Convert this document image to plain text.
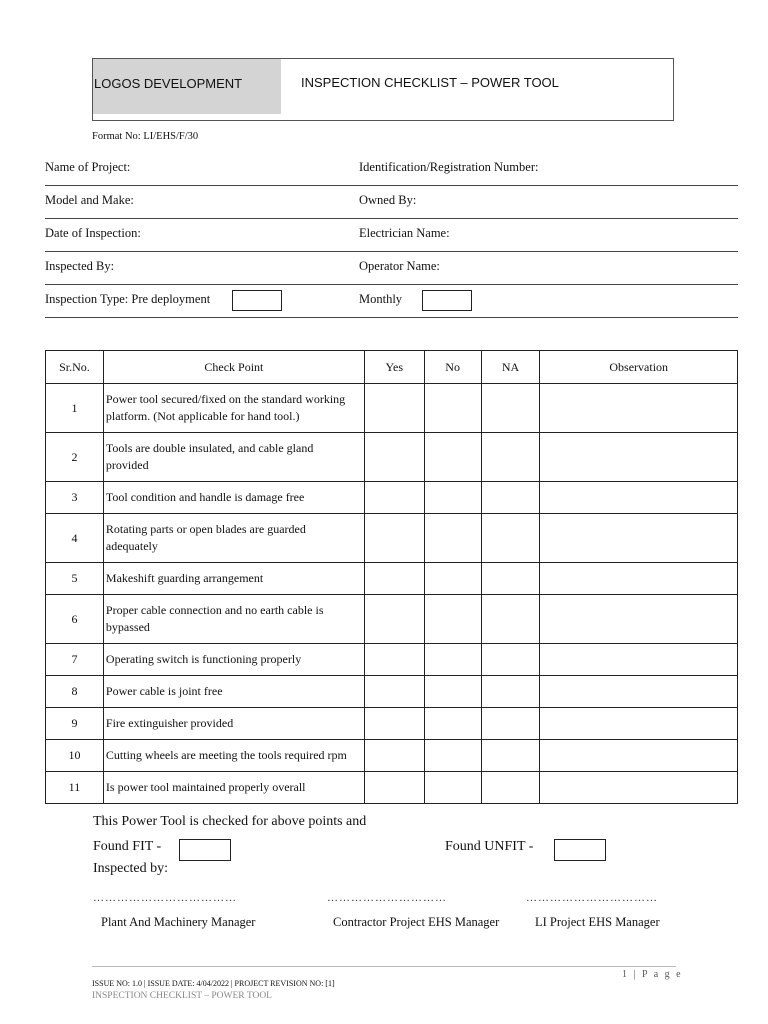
LOGOS DEVELOPMENT	INSPECTION CHECKLIST – POWER TOOL
Format No: LI/EHS/F/30
Name of Project:	Identification/Registration Number:
Model and Make:	Owned By:
Date of Inspection:	Electrician Name:
Inspected By:	Operator Name:
Inspection Type: Pre deployment	Monthly
Sr.No.	Check Point	Yes	No	NA	Observation
1	Power tool secured/fixed on the standard working
platform. (Not applicable for hand tool.)				
2	Tools are double insulated, and cable gland
provided				
3	Tool condition and handle is damage free				
4	Rotating parts or open blades are guarded
adequately				
5	Makeshift guarding arrangement				
6	Proper cable connection and no earth cable is
bypassed				
7	Operating switch is functioning properly				
8	Power cable is joint free				
9	Fire extinguisher provided				
10	Cutting wheels are meeting the tools required rpm				
11	Is power tool maintained properly overall				
This Power Tool is checked for above points and
Found FIT -	Found UNFIT -
Inspected by:
………………………………	…………………………	……………………………
Plant And Machinery Manager	Contractor Project EHS Manager	LI Project EHS Manager
1 | P a g e
ISSUE NO: 1.0 | ISSUE DATE: 4/04/2022 | PROJECT REVISION NO: [1]
INSPECTION CHECKLIST – POWER TOOL
